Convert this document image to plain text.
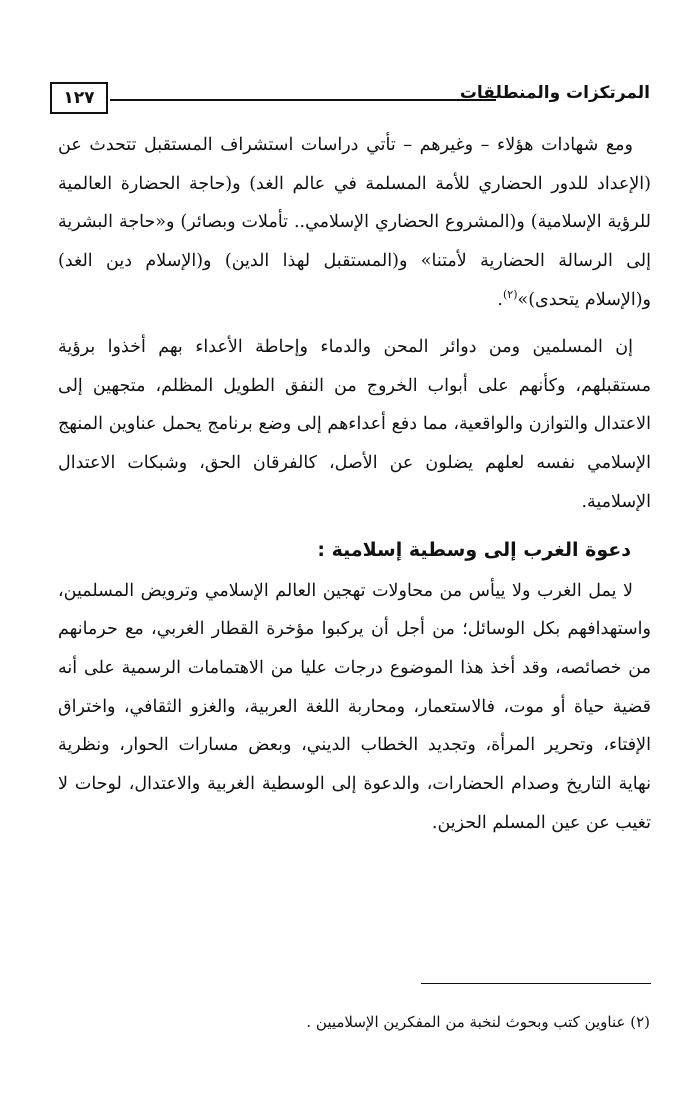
المرتكزات والمنطلقات
١٢٧

ومع شهادات هؤلاء – وغيرهم – تأتي دراسات استشراف المستقبل تتحدث عن (الإعداد للدور الحضاري للأمة المسلمة في عالم الغد) و(حاجة الحضارة العالمية للرؤية الإسلامية) و(المشروع الحضاري الإسلامي.. تأملات وبصائر) و«حاجة البشرية إلى الرسالة الحضارية لأمتنا» و(المستقبل لهذا الدين) و(الإسلام دين الغد) و(الإسلام يتحدى)»$^{(٢)}$.

إن المسلمين ومن دوائر المحن والدماء وإحاطة الأعداء بهم أخذوا برؤية مستقبلهم، وكأنهم على أبواب الخروج من النفق الطويل المظلم، متجهين إلى الاعتدال والتوازن والواقعية، مما دفع أعداءهم إلى وضع برنامج يحمل عناوين المنهج الإسلامي نفسه لعلهم يضلون عن الأصل، كالفرقان الحق، وشبكات الاعتدال الإسلامية.

دعوة الغرب إلى وسطية إسلامية :

لا يمل الغرب ولا ييأس من محاولات تهجين العالم الإسلامي وترويض المسلمين، واستهدافهم بكل الوسائل؛ من أجل أن يركبوا مؤخرة القطار الغربي، مع حرمانهم من خصائصه، وقد أخذ هذا الموضوع درجات عليا من الاهتمامات الرسمية على أنه قضية حياة أو موت، فالاستعمار، ومحاربة اللغة العربية، والغزو الثقافي، واختراق الإفتاء، وتحرير المرأة، وتجديد الخطاب الديني، وبعض مسارات الحوار، ونظرية نهاية التاريخ وصدام الحضارات، والدعوة إلى الوسطية الغربية والاعتدال، لوحات لا تغيب عن عين المسلم الحزين.

(٢) عناوين كتب وبحوث لنخبة من المفكرين الإسلاميين .
